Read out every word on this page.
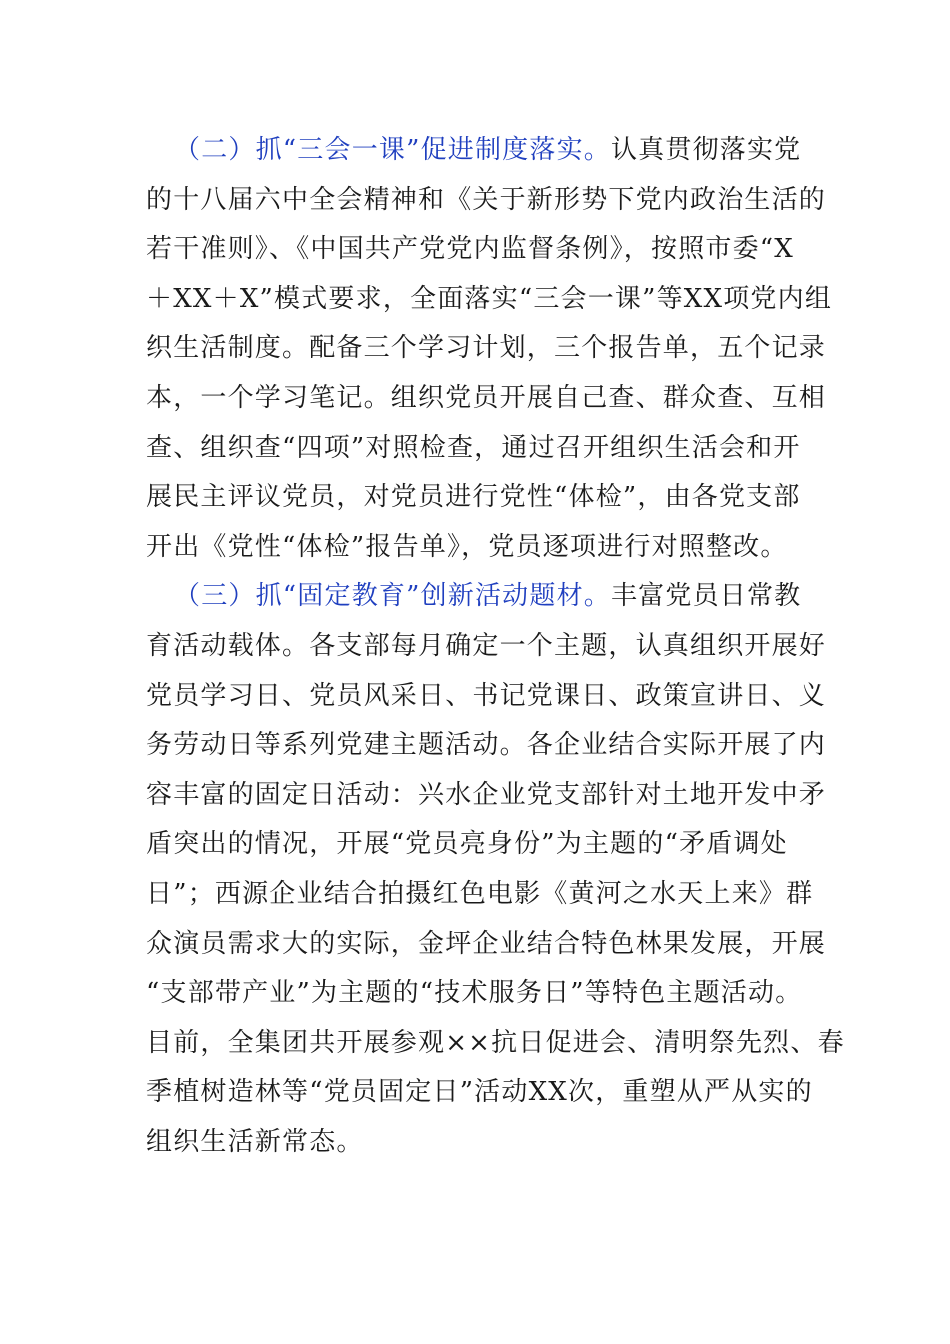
（二）抓“三会一课”促进制度落实。认真贯彻落实党
的十八届六中全会精神和《关于新形势下党内政治生活的
若干准则》、《中国共产党党内监督条例》，按照市委“X
＋XX＋X”模式要求，全面落实“三会一课”等XX项党内组
织生活制度。配备三个学习计划，三个报告单，五个记录
本，一个学习笔记。组织党员开展自己查、群众查、互相
查、组织查“四项”对照检查，通过召开组织生活会和开
展民主评议党员，对党员进行党性“体检”，由各党支部
开出《党性“体检”报告单》，党员逐项进行对照整改。
（三）抓“固定教育”创新活动题材。丰富党员日常教
育活动载体。各支部每月确定一个主题，认真组织开展好
党员学习日、党员风采日、书记党课日、政策宣讲日、义
务劳动日等系列党建主题活动。各企业结合实际开展了内
容丰富的固定日活动：兴水企业党支部针对土地开发中矛
盾突出的情况，开展“党员亮身份”为主题的“矛盾调处
日”；西源企业结合拍摄红色电影《黄河之水天上来》群
众演员需求大的实际，金坪企业结合特色林果发展，开展
“支部带产业”为主题的“技术服务日”等特色主题活动。
目前，全集团共开展参观××抗日促进会、清明祭先烈、春
季植树造林等“党员固定日”活动XX次，重塑从严从实的
组织生活新常态。
